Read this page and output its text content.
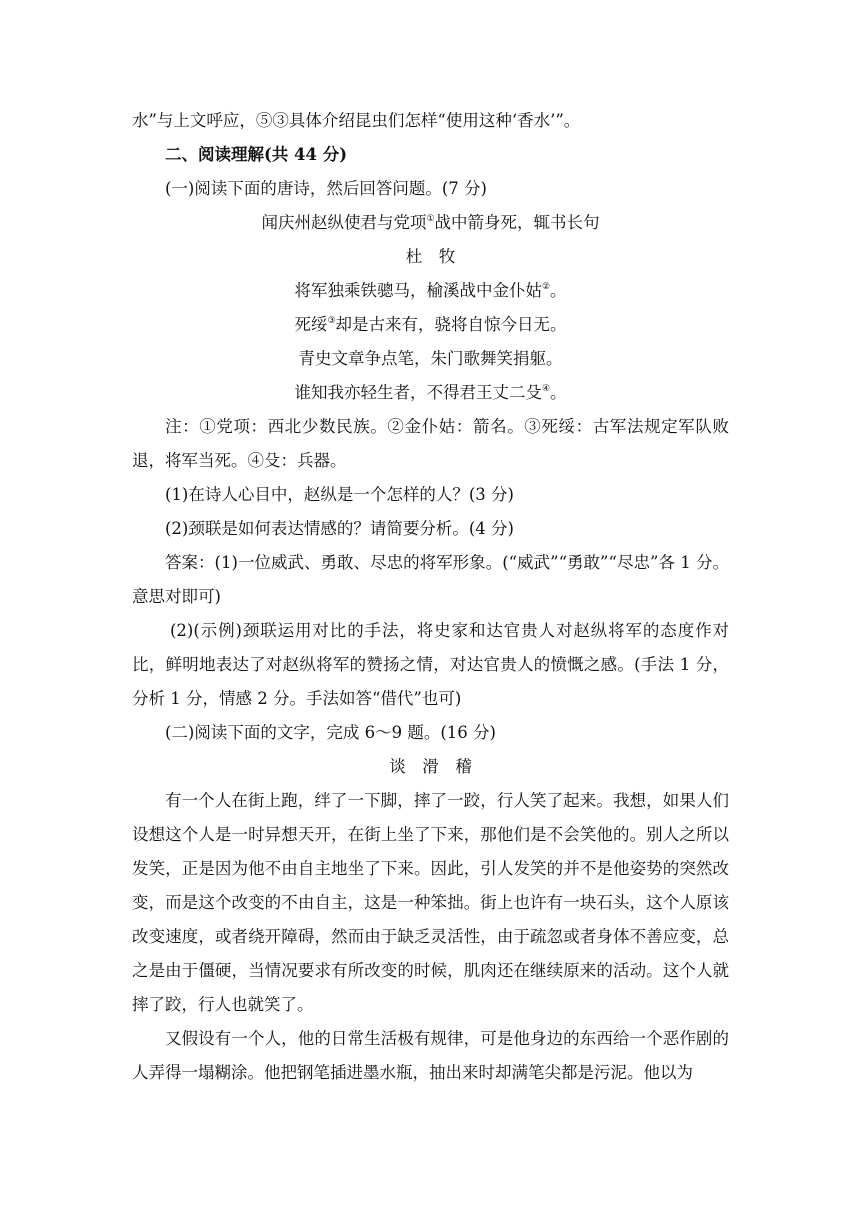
水”与上文呼应，⑤③具体介绍昆虫们怎样“使用这种‘香水’”。

二、阅读理解(共 44 分)

(一)阅读下面的唐诗，然后回答问题。(7 分)

闻庆州赵纵使君与党项①战中箭身死，辄书长句

杜　牧

将军独乘铁骢马，榆溪战中金仆姑②。

死绥③却是古来有，骁将自惊今日无。

青史文章争点笔，朱门歌舞笑捐躯。

谁知我亦轻生者，不得君王丈二殳④。

注：①党项：西北少数民族。②金仆姑：箭名。③死绥：古军法规定军队败退，将军当死。④殳：兵器。

(1)在诗人心目中，赵纵是一个怎样的人？(3 分)

(2)颈联是如何表达情感的？请简要分析。(4 分)

答案：(1)一位威武、勇敢、尽忠的将军形象。(“威武”“勇敢”“尽忠”各 1 分。意思对即可)

(2)(示例)颈联运用对比的手法，将史家和达官贵人对赵纵将军的态度作对比，鲜明地表达了对赵纵将军的赞扬之情，对达官贵人的愤慨之感。(手法 1 分，分析 1 分，情感 2 分。手法如答“借代”也可)

(二)阅读下面的文字，完成 6～9 题。(16 分)

谈　滑　稽

有一个人在街上跑，绊了一下脚，摔了一跤，行人笑了起来。我想，如果人们设想这个人是一时异想天开，在街上坐了下来，那他们是不会笑他的。别人之所以发笑，正是因为他不由自主地坐了下来。因此，引人发笑的并不是他姿势的突然改变，而是这个改变的不由自主，这是一种笨拙。街上也许有一块石头，这个人原该改变速度，或者绕开障碍，然而由于缺乏灵活性，由于疏忽或者身体不善应变，总之是由于僵硬，当情况要求有所改变的时候，肌肉还在继续原来的活动。这个人就摔了跤，行人也就笑了。

又假设有一个人，他的日常生活极有规律，可是他身边的东西给一个恶作剧的人弄得一塌糊涂。他把钢笔插进墨水瓶，抽出来时却满笔尖都是污泥。他以为
